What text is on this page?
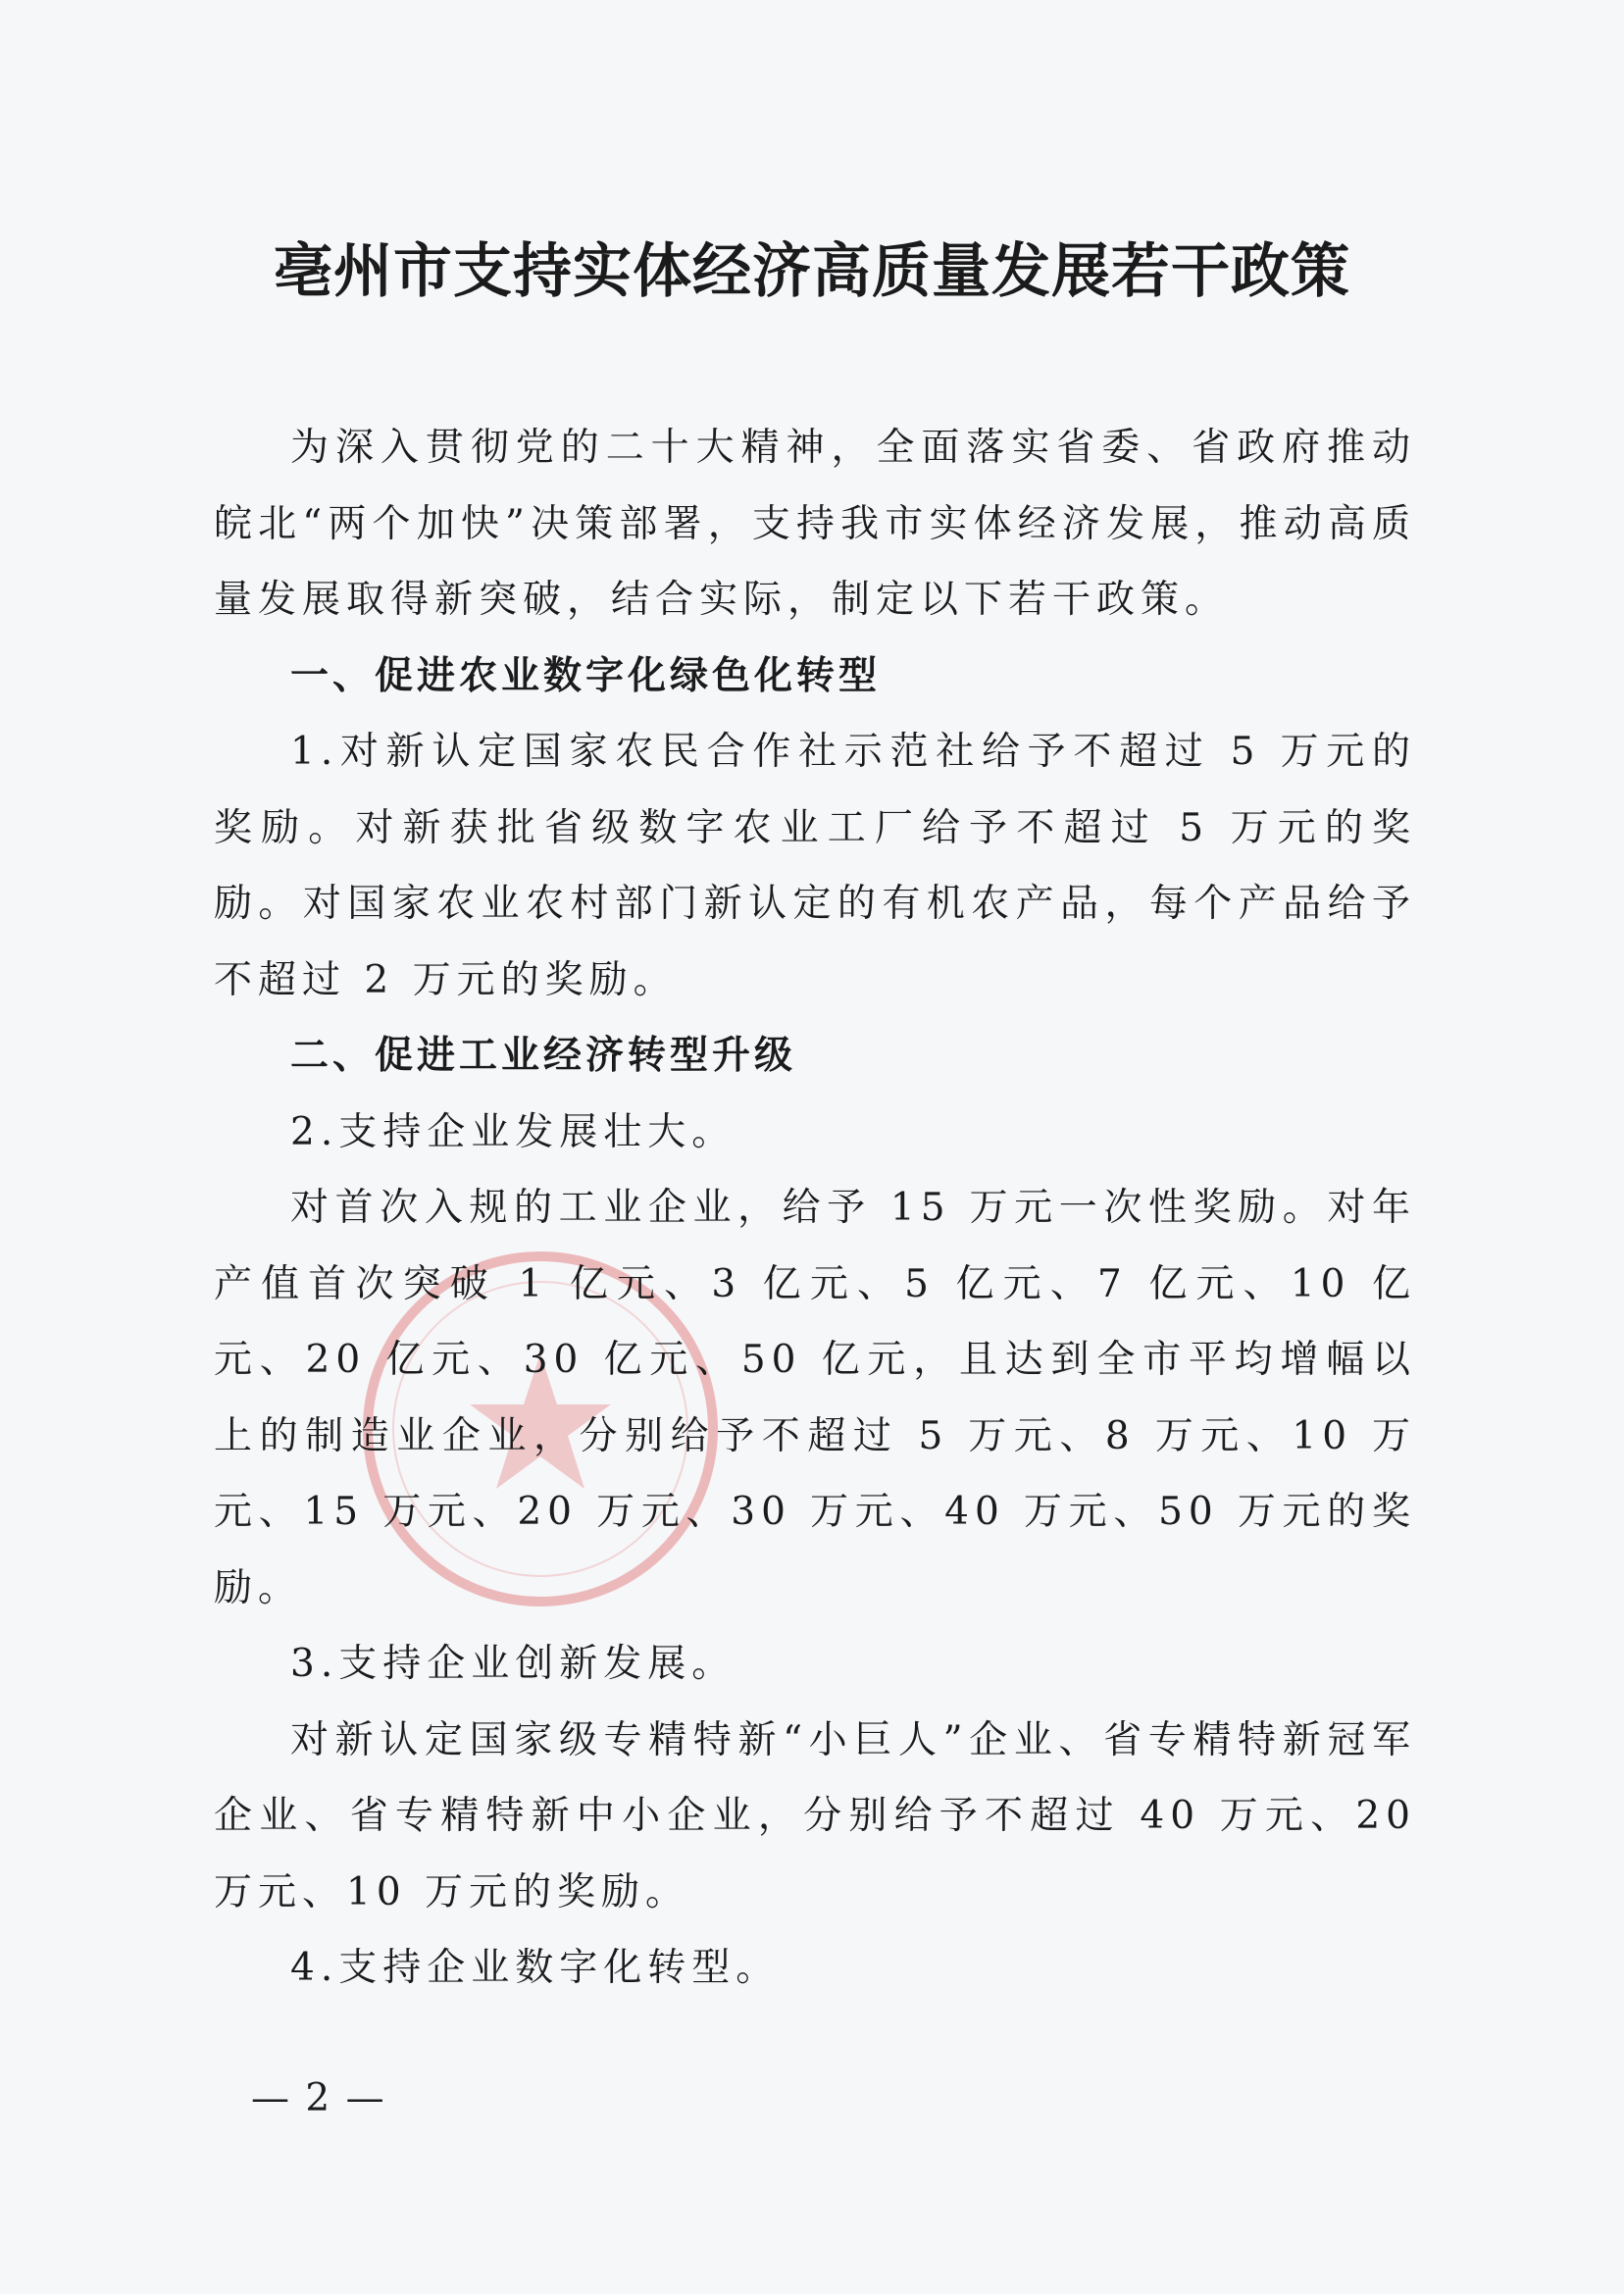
亳州市支持实体经济高质量发展若干政策

为深入贯彻党的二十大精神，全面落实省委、省政府推动皖北“两个加快”决策部署，支持我市实体经济发展，推动高质量发展取得新突破，结合实际，制定以下若干政策。

一、促进农业数字化绿色化转型

1.对新认定国家农民合作社示范社给予不超过 5 万元的奖励。对新获批省级数字农业工厂给予不超过 5 万元的奖励。对国家农业农村部门新认定的有机农产品，每个产品给予不超过 2 万元的奖励。

二、促进工业经济转型升级

2.支持企业发展壮大。

对首次入规的工业企业，给予 15 万元一次性奖励。对年产值首次突破 1 亿元、3 亿元、5 亿元、7 亿元、10 亿元、20 亿元、30 亿元、50 亿元，且达到全市平均增幅以上的制造业企业，分别给予不超过 5 万元、8 万元、10 万元、15 万元、20 万元、30 万元、40 万元、50 万元的奖励。

3.支持企业创新发展。

对新认定国家级专精特新“小巨人”企业、省专精特新冠军企业、省专精特新中小企业，分别给予不超过 40 万元、20 万元、10 万元的奖励。

4.支持企业数字化转型。

— 2 —
